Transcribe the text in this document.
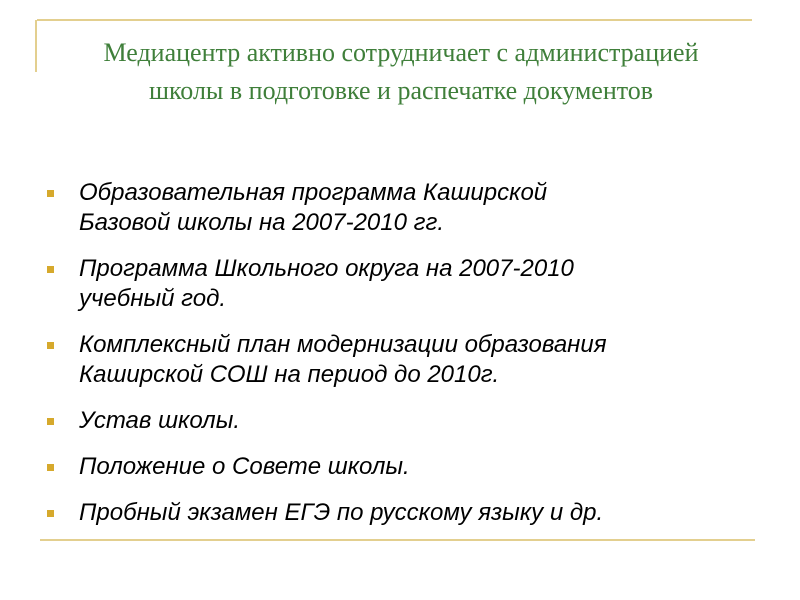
Медиацентр активно сотрудничает с администрацией
школы в подготовке и распечатке документов
Образовательная программа Каширской
Базовой школы на 2007-2010 гг.
Программа Школьного округа на 2007-2010
учебный год.
Комплексный план модернизации образования
Каширской СОШ на период до 2010г.
Устав школы.
Положение о Совете школы.
Пробный экзамен ЕГЭ по русскому языку и др.
